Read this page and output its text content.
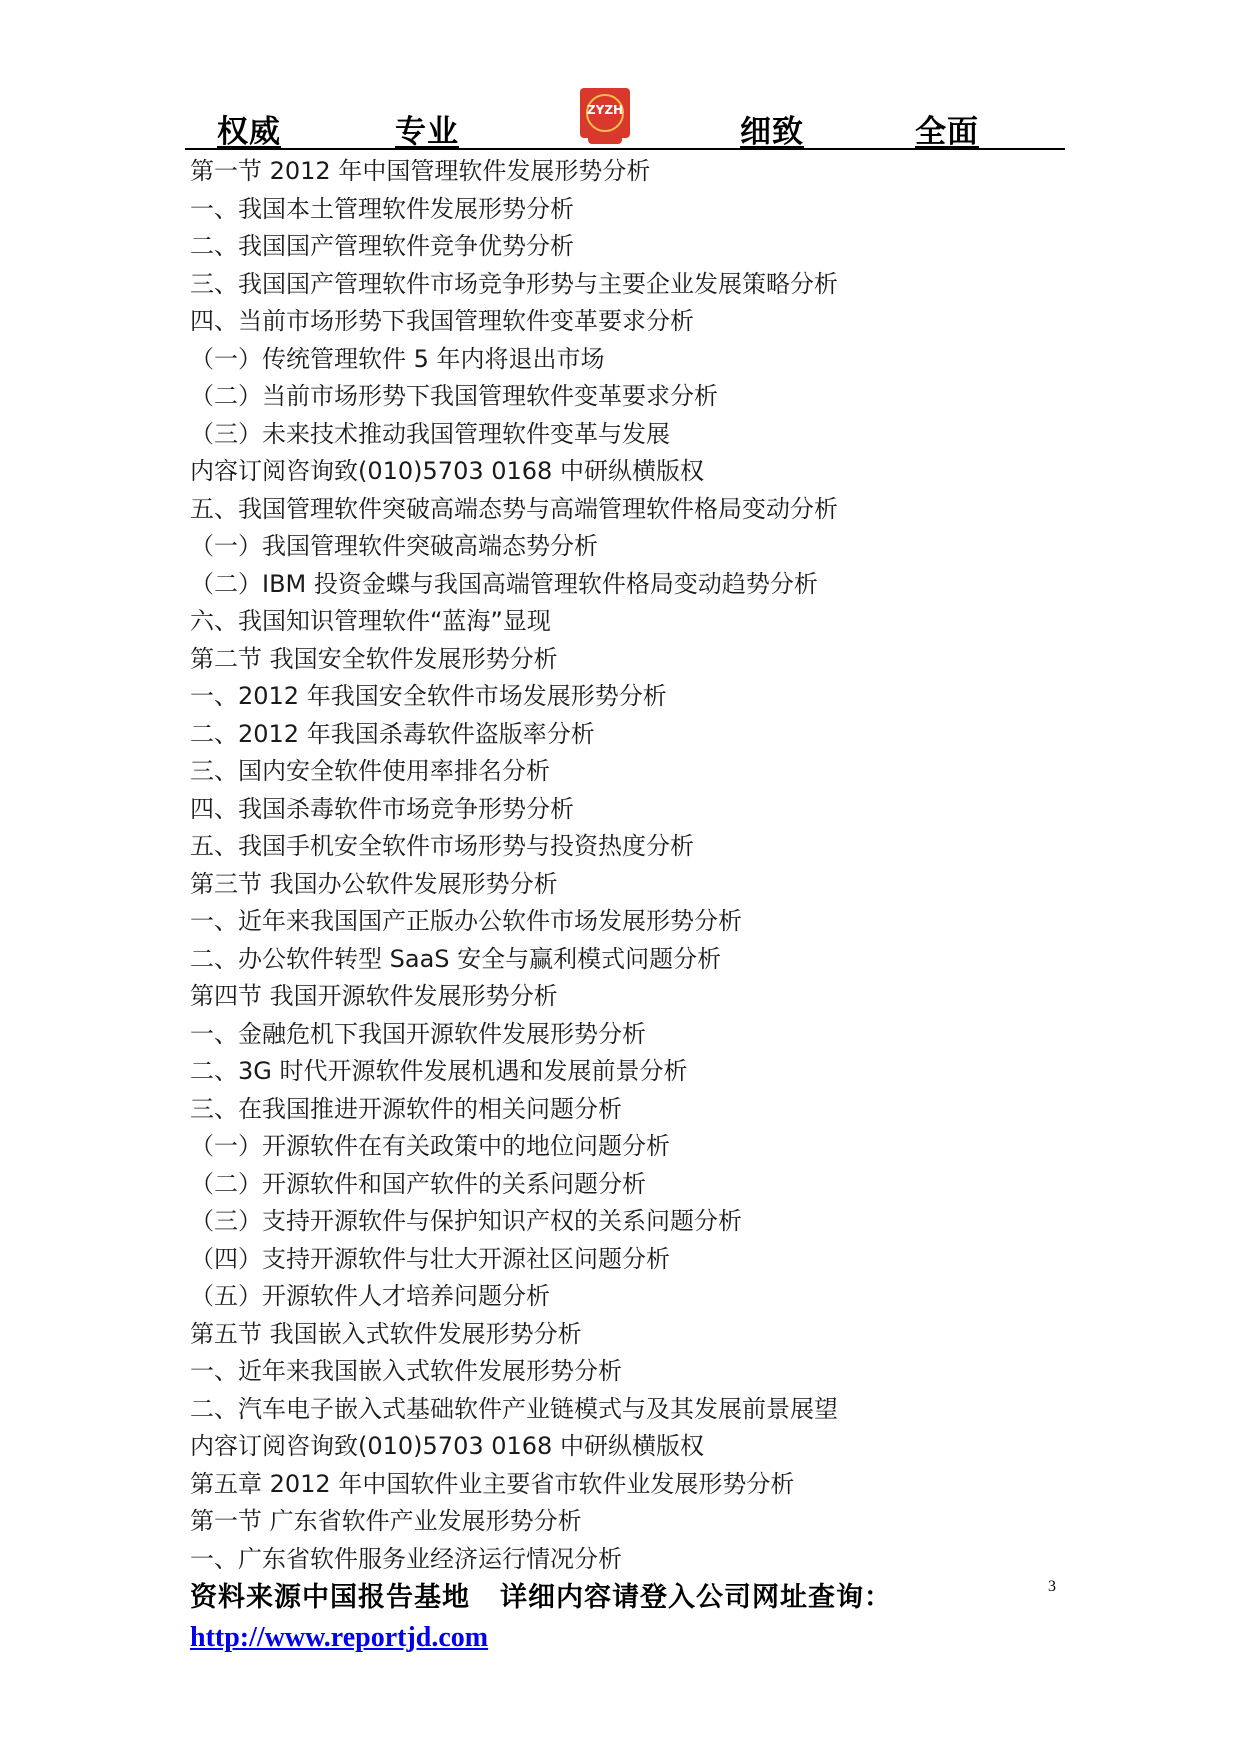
权威	专业
ZYZH
细致	全面
第一节 2012 年中国管理软件发展形势分析
一、我国本土管理软件发展形势分析
二、我国国产管理软件竞争优势分析
三、我国国产管理软件市场竞争形势与主要企业发展策略分析
四、当前市场形势下我国管理软件变革要求分析
（一）传统管理软件 5 年内将退出市场
（二）当前市场形势下我国管理软件变革要求分析
（三）未来技术推动我国管理软件变革与发展
内容订阅咨询致(010)5703 0168 中研纵横版权
五、我国管理软件突破高端态势与高端管理软件格局变动分析
（一）我国管理软件突破高端态势分析
（二）IBM 投资金蝶与我国高端管理软件格局变动趋势分析
六、我国知识管理软件“蓝海”显现
第二节 我国安全软件发展形势分析
一、2012 年我国安全软件市场发展形势分析
二、2012 年我国杀毒软件盗版率分析
三、国内安全软件使用率排名分析
四、我国杀毒软件市场竞争形势分析
五、我国手机安全软件市场形势与投资热度分析
第三节 我国办公软件发展形势分析
一、近年来我国国产正版办公软件市场发展形势分析
二、办公软件转型 SaaS 安全与赢利模式问题分析
第四节 我国开源软件发展形势分析
一、金融危机下我国开源软件发展形势分析
二、3G 时代开源软件发展机遇和发展前景分析
三、在我国推进开源软件的相关问题分析
（一）开源软件在有关政策中的地位问题分析
（二）开源软件和国产软件的关系问题分析
（三）支持开源软件与保护知识产权的关系问题分析
（四）支持开源软件与壮大开源社区问题分析
（五）开源软件人才培养问题分析
第五节 我国嵌入式软件发展形势分析
一、近年来我国嵌入式软件发展形势分析
二、汽车电子嵌入式基础软件产业链模式与及其发展前景展望
内容订阅咨询致(010)5703 0168 中研纵横版权
第五章 2012 年中国软件业主要省市软件业发展形势分析
第一节 广东省软件产业发展形势分析
一、广东省软件服务业经济运行情况分析
资料来源中国报告基地 详细内容请登入公司网址查询：
http://www.reportjd.com
3
